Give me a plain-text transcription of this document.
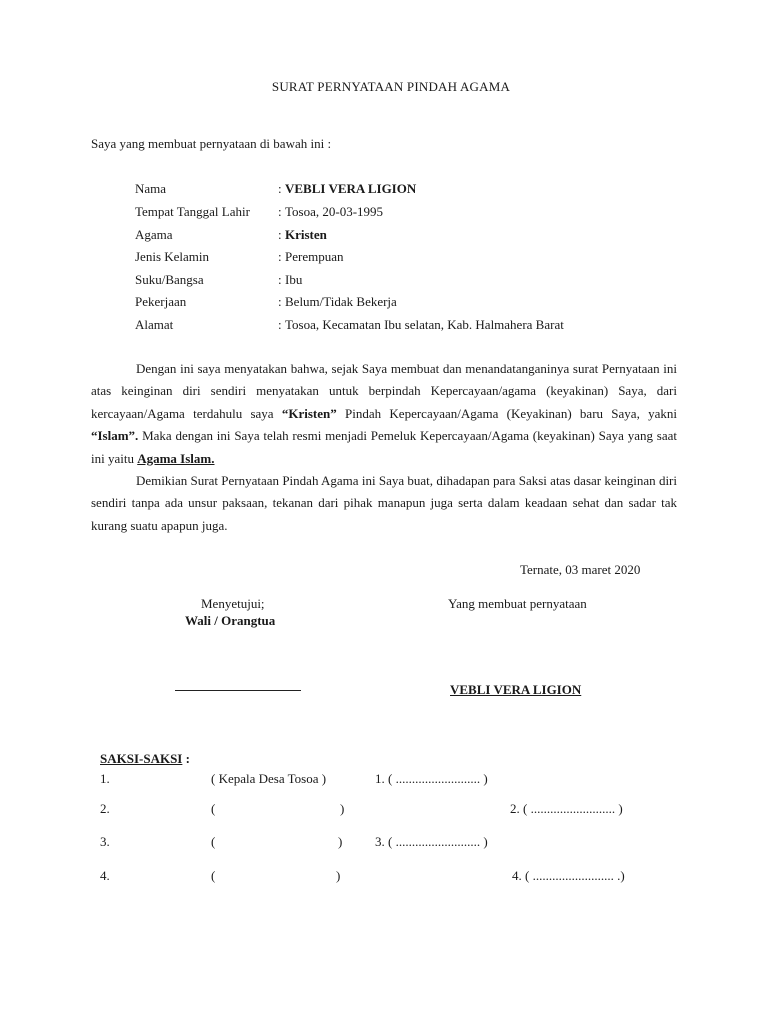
SURAT PERNYATAAN PINDAH AGAMA
Saya yang membuat pernyataan di bawah ini :
Nama	: VEBLI VERA LIGION
Tempat Tanggal Lahir : Tosoa, 20-03-1995
Agama	: Kristen
Jenis Kelamin	: Perempuan
Suku/Bangsa	: Ibu
Pekerjaan	: Belum/Tidak Bekerja
Alamat	: Tosoa, Kecamatan Ibu selatan, Kab. Halmahera Barat

Dengan ini saya menyatakan bahwa, sejak Saya membuat dan menandatanganinya surat Pernyataan ini atas keinginan diri sendiri menyatakan untuk berpindah Kepercayaan/agama (keyakinan) Saya, dari kercayaan/Agama terdahulu saya “Kristen” Pindah Kepercayaan/Agama (Keyakinan) baru Saya, yakni “Islam”. Maka dengan ini Saya telah resmi menjadi Pemeluk Kepercayaan/Agama (keyakinan) Saya yang saat ini yaitu Agama Islam.

Demikian Surat Pernyataan Pindah Agama ini Saya buat, dihadapan para Saksi atas dasar keinginan diri sendiri tanpa ada unsur paksaan, tekanan dari pihak manapun juga serta dalam keadaan sehat dan sadar tak kurang suatu apapun juga.

Ternate, 03 maret 2020
Menyetujui;
Wali / Orangtua
Yang membuat pernyataan
VEBLI VERA LIGION
SAKSI-SAKSI :
1.	( Kepala Desa Tosoa )	1. ( .......................... )
2.	(	)	2. ( .......................... )
3.	(	)	3. ( .......................... )
4.	(	)	4. ( ......................... .)
